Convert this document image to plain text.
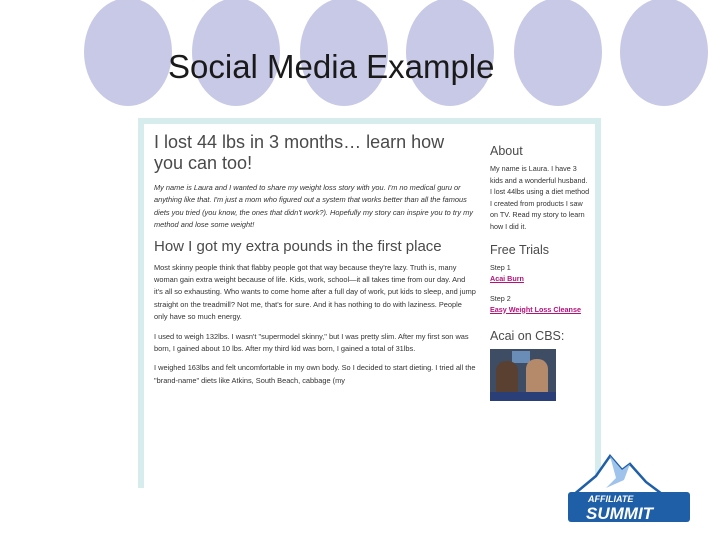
Social Media Example
I lost 44 lbs in 3 months… learn how you can too!
My name is Laura and I wanted to share my weight loss story with you. I'm no medical guru or anything like that. I'm just a mom who figured out a system that works better than all the famous diets you tried (you know, the ones that didn't work?). Hopefully my story can inspire you to try my method and lose some weight!
How I got my extra pounds in the first place
Most skinny people think that flabby people got that way because they're lazy. Truth is, many woman gain extra weight because of life. Kids, work, school—it all takes time from our day. And it's all so exhausting. Who wants to come home after a full day of work, put kids to sleep, and jump straight on the treadmill? Not me, that's for sure. And it has nothing to do with laziness. People only have so much energy.
I used to weigh 132lbs. I wasn't "supermodel skinny," but I was pretty slim. After my first son was born, I gained about 10 lbs. After my third kid was born, I gained a total of 31lbs.
I weighed 163lbs and felt uncomfortable in my own body. So I decided to start dieting. I tried all the "brand-name" diets like Atkins, South Beach, cabbage (my
About
My name is Laura. I have 3 kids and a wonderful husband. I lost 44lbs using a diet method I created from products I saw on TV. Read my story to learn how I did it.
Free Trials
Step 1
Acai Burn
Step 2
Easy Weight Loss Cleanse
Acai on CBS:
AFFILIATE
SUMMIT
